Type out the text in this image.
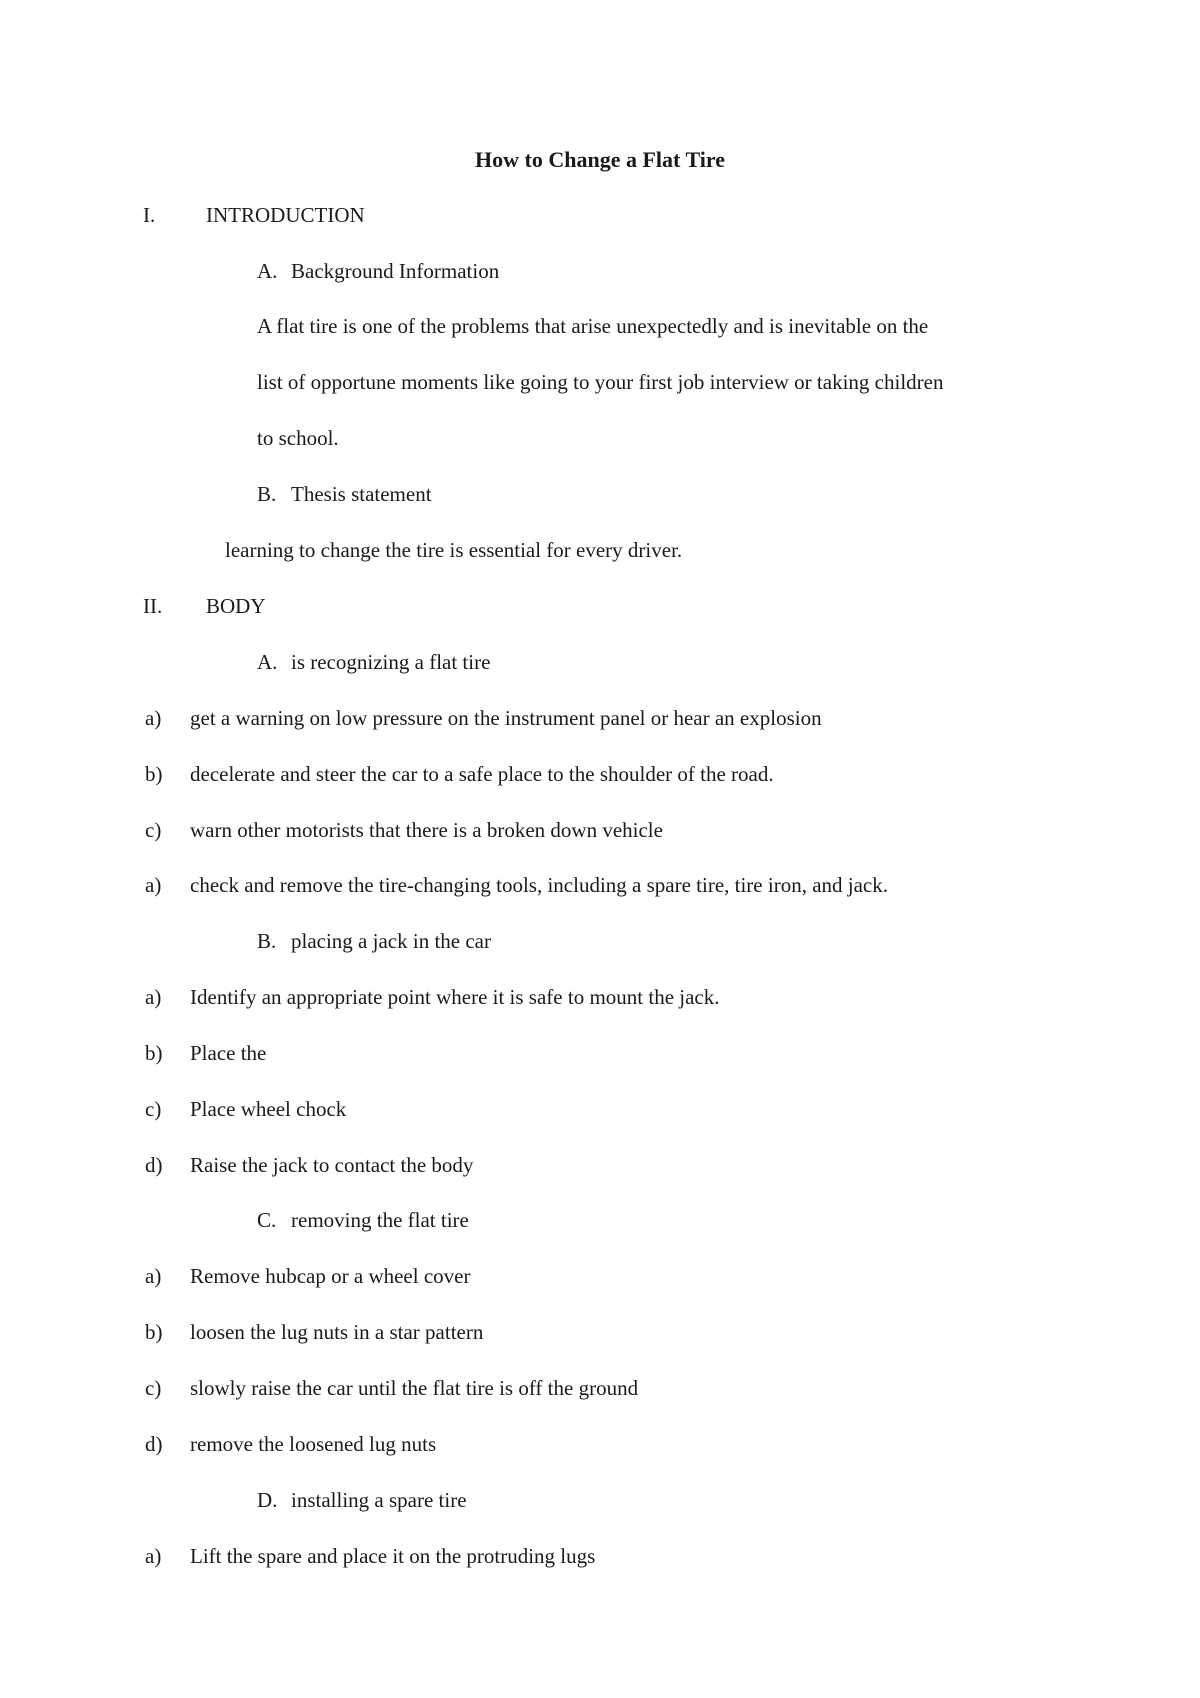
How to Change a Flat Tire
I. INTRODUCTION
A. Background Information
A flat tire is one of the problems that arise unexpectedly and is inevitable on the
list of opportune moments like going to your first job interview or taking children
to school.
B. Thesis statement
learning to change the tire is essential for every driver.
II. BODY
A. is recognizing a flat tire
a) get a warning on low pressure on the instrument panel or hear an explosion
b) decelerate and steer the car to a safe place to the shoulder of the road.
c) warn other motorists that there is a broken down vehicle
a) check and remove the tire-changing tools, including a spare tire, tire iron, and jack.
B. placing a jack in the car
a) Identify an appropriate point where it is safe to mount the jack.
b) Place the
c) Place wheel chock
d) Raise the jack to contact the body
C. removing the flat tire
a) Remove hubcap or a wheel cover
b) loosen the lug nuts in a star pattern
c) slowly raise the car until the flat tire is off the ground
d) remove the loosened lug nuts
D. installing a spare tire
a) Lift the spare and place it on the protruding lugs
